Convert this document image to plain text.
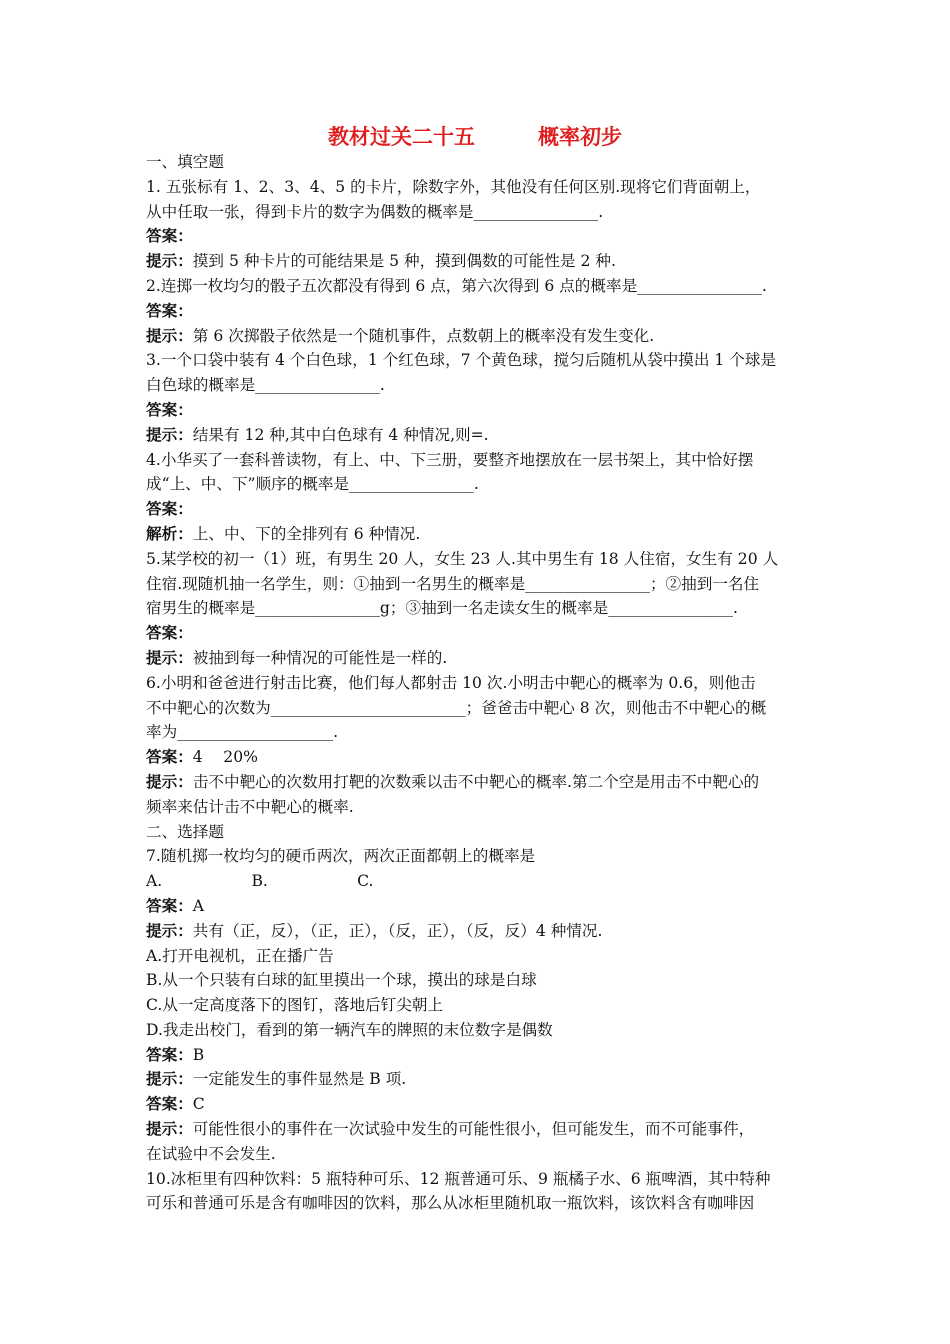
教材过关二十五　　　概率初步
一、填空题
1. 五张标有 1、2、3、4、5 的卡片，除数字外，其他没有任何区别.现将它们背面朝上，
从中任取一张，得到卡片的数字为偶数的概率是________________.
答案：
提示：摸到 5 种卡片的可能结果是 5 种，摸到偶数的可能性是 2 种.
2.连掷一枚均匀的骰子五次都没有得到 6 点，第六次得到 6 点的概率是________________.
答案：
提示：第 6 次掷骰子依然是一个随机事件，点数朝上的概率没有发生变化.
3.一个口袋中装有 4 个白色球，1 个红色球，7 个黄色球，搅匀后随机从袋中摸出 1 个球是
白色球的概率是________________.
答案：
提示：结果有 12 种,其中白色球有 4 种情况,则=.
4.小华买了一套科普读物，有上、中、下三册，要整齐地摆放在一层书架上，其中恰好摆
成“上、中、下”顺序的概率是________________.
答案：
解析：上、中、下的全排列有 6 种情况.
5.某学校的初一（1）班，有男生 20 人，女生 23 人.其中男生有 18 人住宿，女生有 20 人
住宿.现随机抽一名学生，则：①抽到一名男生的概率是________________；②抽到一名住
宿男生的概率是________________g；③抽到一名走读女生的概率是________________.
答案：
提示：被抽到每一种情况的可能性是一样的.
6.小明和爸爸进行射击比赛，他们每人都射击 10 次.小明击中靶心的概率为 0.6，则他击
不中靶心的次数为_________________________；爸爸击中靶心 8 次，则他击不中靶心的概
率为____________________.
答案：4　 20%
提示：击不中靶心的次数用打靶的次数乘以击不中靶心的概率.第二个空是用击不中靶心的
频率来估计击不中靶心的概率.
二、选择题
7.随机掷一枚均匀的硬币两次，两次正面都朝上的概率是
A.                  B.                  C.
答案：A
提示：共有（正，反），（正，正），（反，正），（反，反）4 种情况.
A.打开电视机，正在播广告
B.从一个只装有白球的缸里摸出一个球，摸出的球是白球
C.从一定高度落下的图钉，落地后钉尖朝上
D.我走出校门，看到的第一辆汽车的牌照的末位数字是偶数
答案：B
提示：一定能发生的事件显然是 B 项.
答案：C
提示：可能性很小的事件在一次试验中发生的可能性很小，但可能发生，而不可能事件，
在试验中不会发生.
10.冰柜里有四种饮料：5 瓶特种可乐、12 瓶普通可乐、9 瓶橘子水、6 瓶啤酒，其中特种
可乐和普通可乐是含有咖啡因的饮料，那么从冰柜里随机取一瓶饮料，该饮料含有咖啡因
